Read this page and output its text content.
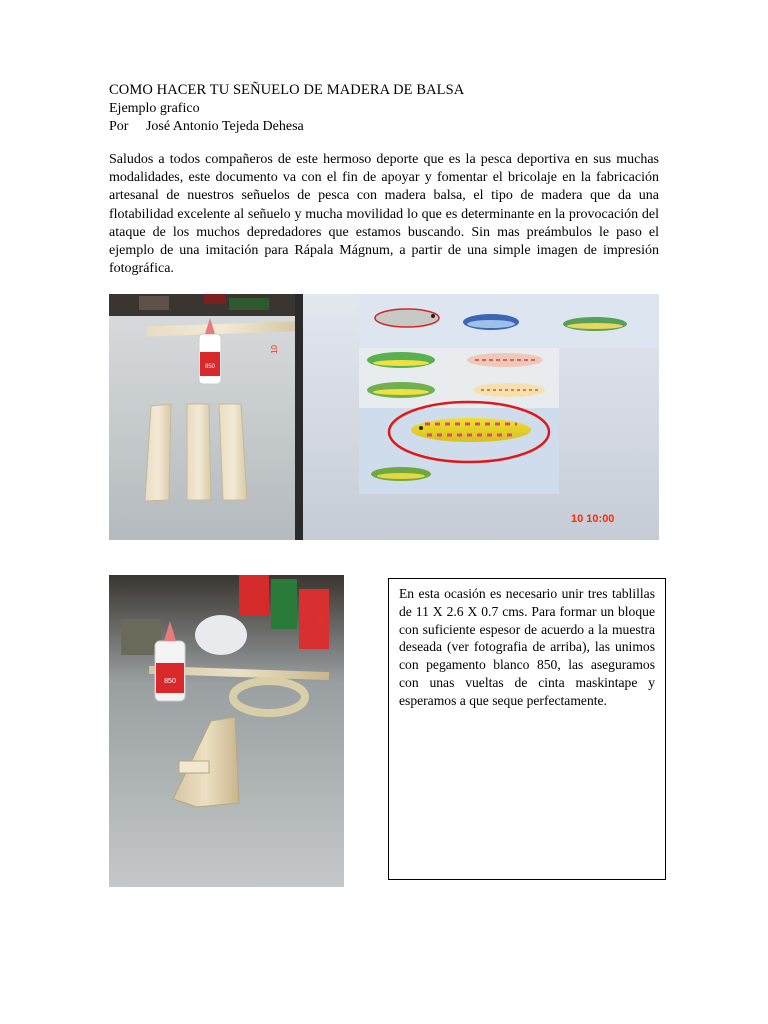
COMO HACER TU SEÑUELO DE MADERA DE BALSA
Ejemplo grafico
Por José Antonio Tejeda Dehesa

Saludos a todos compañeros de este hermoso deporte que es la pesca deportiva en sus muchas modalidades, este documento va con el fin de apoyar y fomentar el bricolaje en la fabricación artesanal de nuestros señuelos de pesca con madera balsa, el tipo de madera que da una flotabilidad excelente al señuelo y mucha movilidad lo que es determinante en la provocación del ataque de los muchos depredadores que estamos buscando. Sin mas preámbulos le paso el ejemplo de una imitación para Rápala Mágnum, a partir de una simple imagen de impresión fotográfica.

850
10
10 10:00
850
55

En esta ocasión es necesario unir tres tablillas de 11 X 2.6 X 0.7 cms. Para formar un bloque con suficiente espesor de acuerdo a la muestra deseada (ver fotografia de arriba), las unimos con pegamento blanco 850, las aseguramos con unas vueltas de cinta maskintape y esperamos a que seque perfectamente.
